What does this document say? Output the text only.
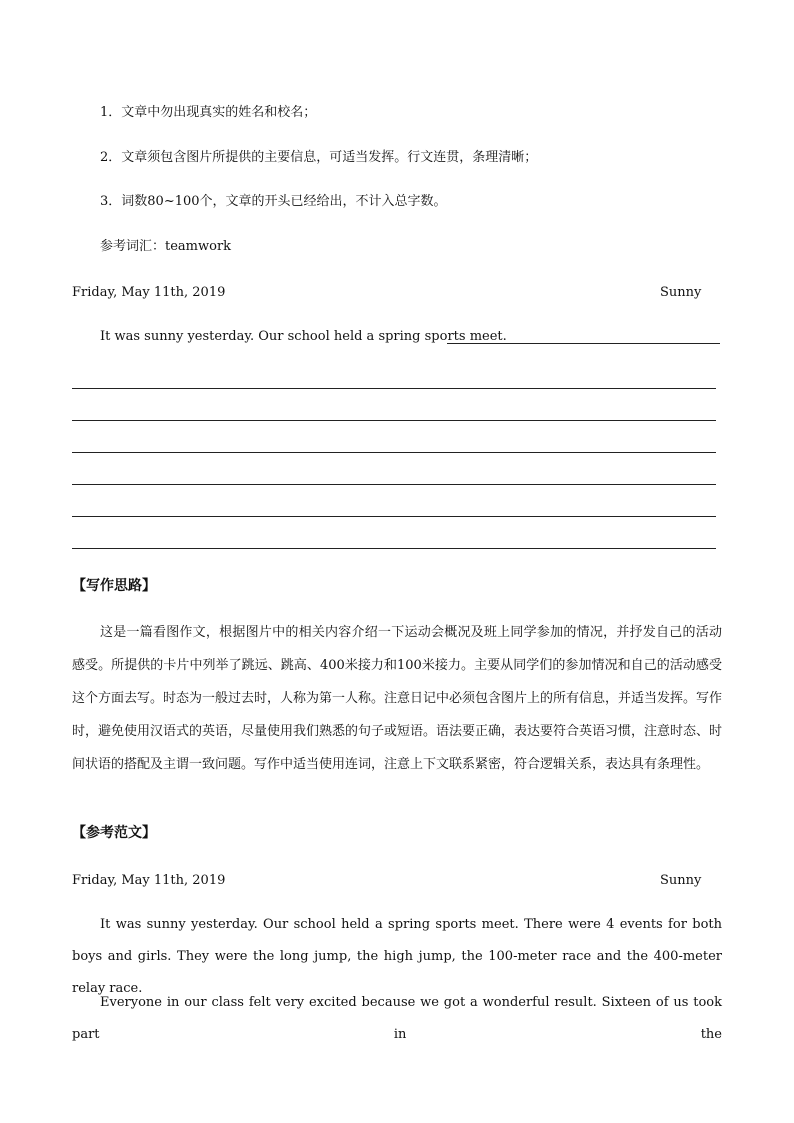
1．文章中勿出现真实的姓名和校名；
2．文章须包含图片所提供的主要信息，可适当发挥。行文连贯，条理清晰；
3．词数80~100个，文章的开头已经给出，不计入总字数。
参考词汇：teamwork
Friday, May 11th, 2019	Sunny
It was sunny yesterday. Our school held a spring sports meet.
【写作思路】
这是一篇看图作文，根据图片中的相关内容介绍一下运动会概况及班上同学参加的情况，并抒发自己的活动感受。所提供的卡片中列举了跳远、跳高、400米接力和100米接力。主要从同学们的参加情况和自己的活动感受这个方面去写。时态为一般过去时，人称为第一人称。注意日记中必须包含图片上的所有信息，并适当发挥。写作时，避免使用汉语式的英语，尽量使用我们熟悉的句子或短语。语法要正确，表达要符合英语习惯，注意时态、时间状语的搭配及主谓一致问题。写作中适当使用连词，注意上下文联系紧密，符合逻辑关系，表达具有条理性。
【参考范文】
Friday, May 11th, 2019	Sunny
It was sunny yesterday. Our school held a spring sports meet. There were 4 events for both boys and girls. They were the long jump, the high jump, the 100-meter race and the 400-meter relay race.
Everyone in our class felt very excited because we got a wonderful result. Sixteen of us took part in the
